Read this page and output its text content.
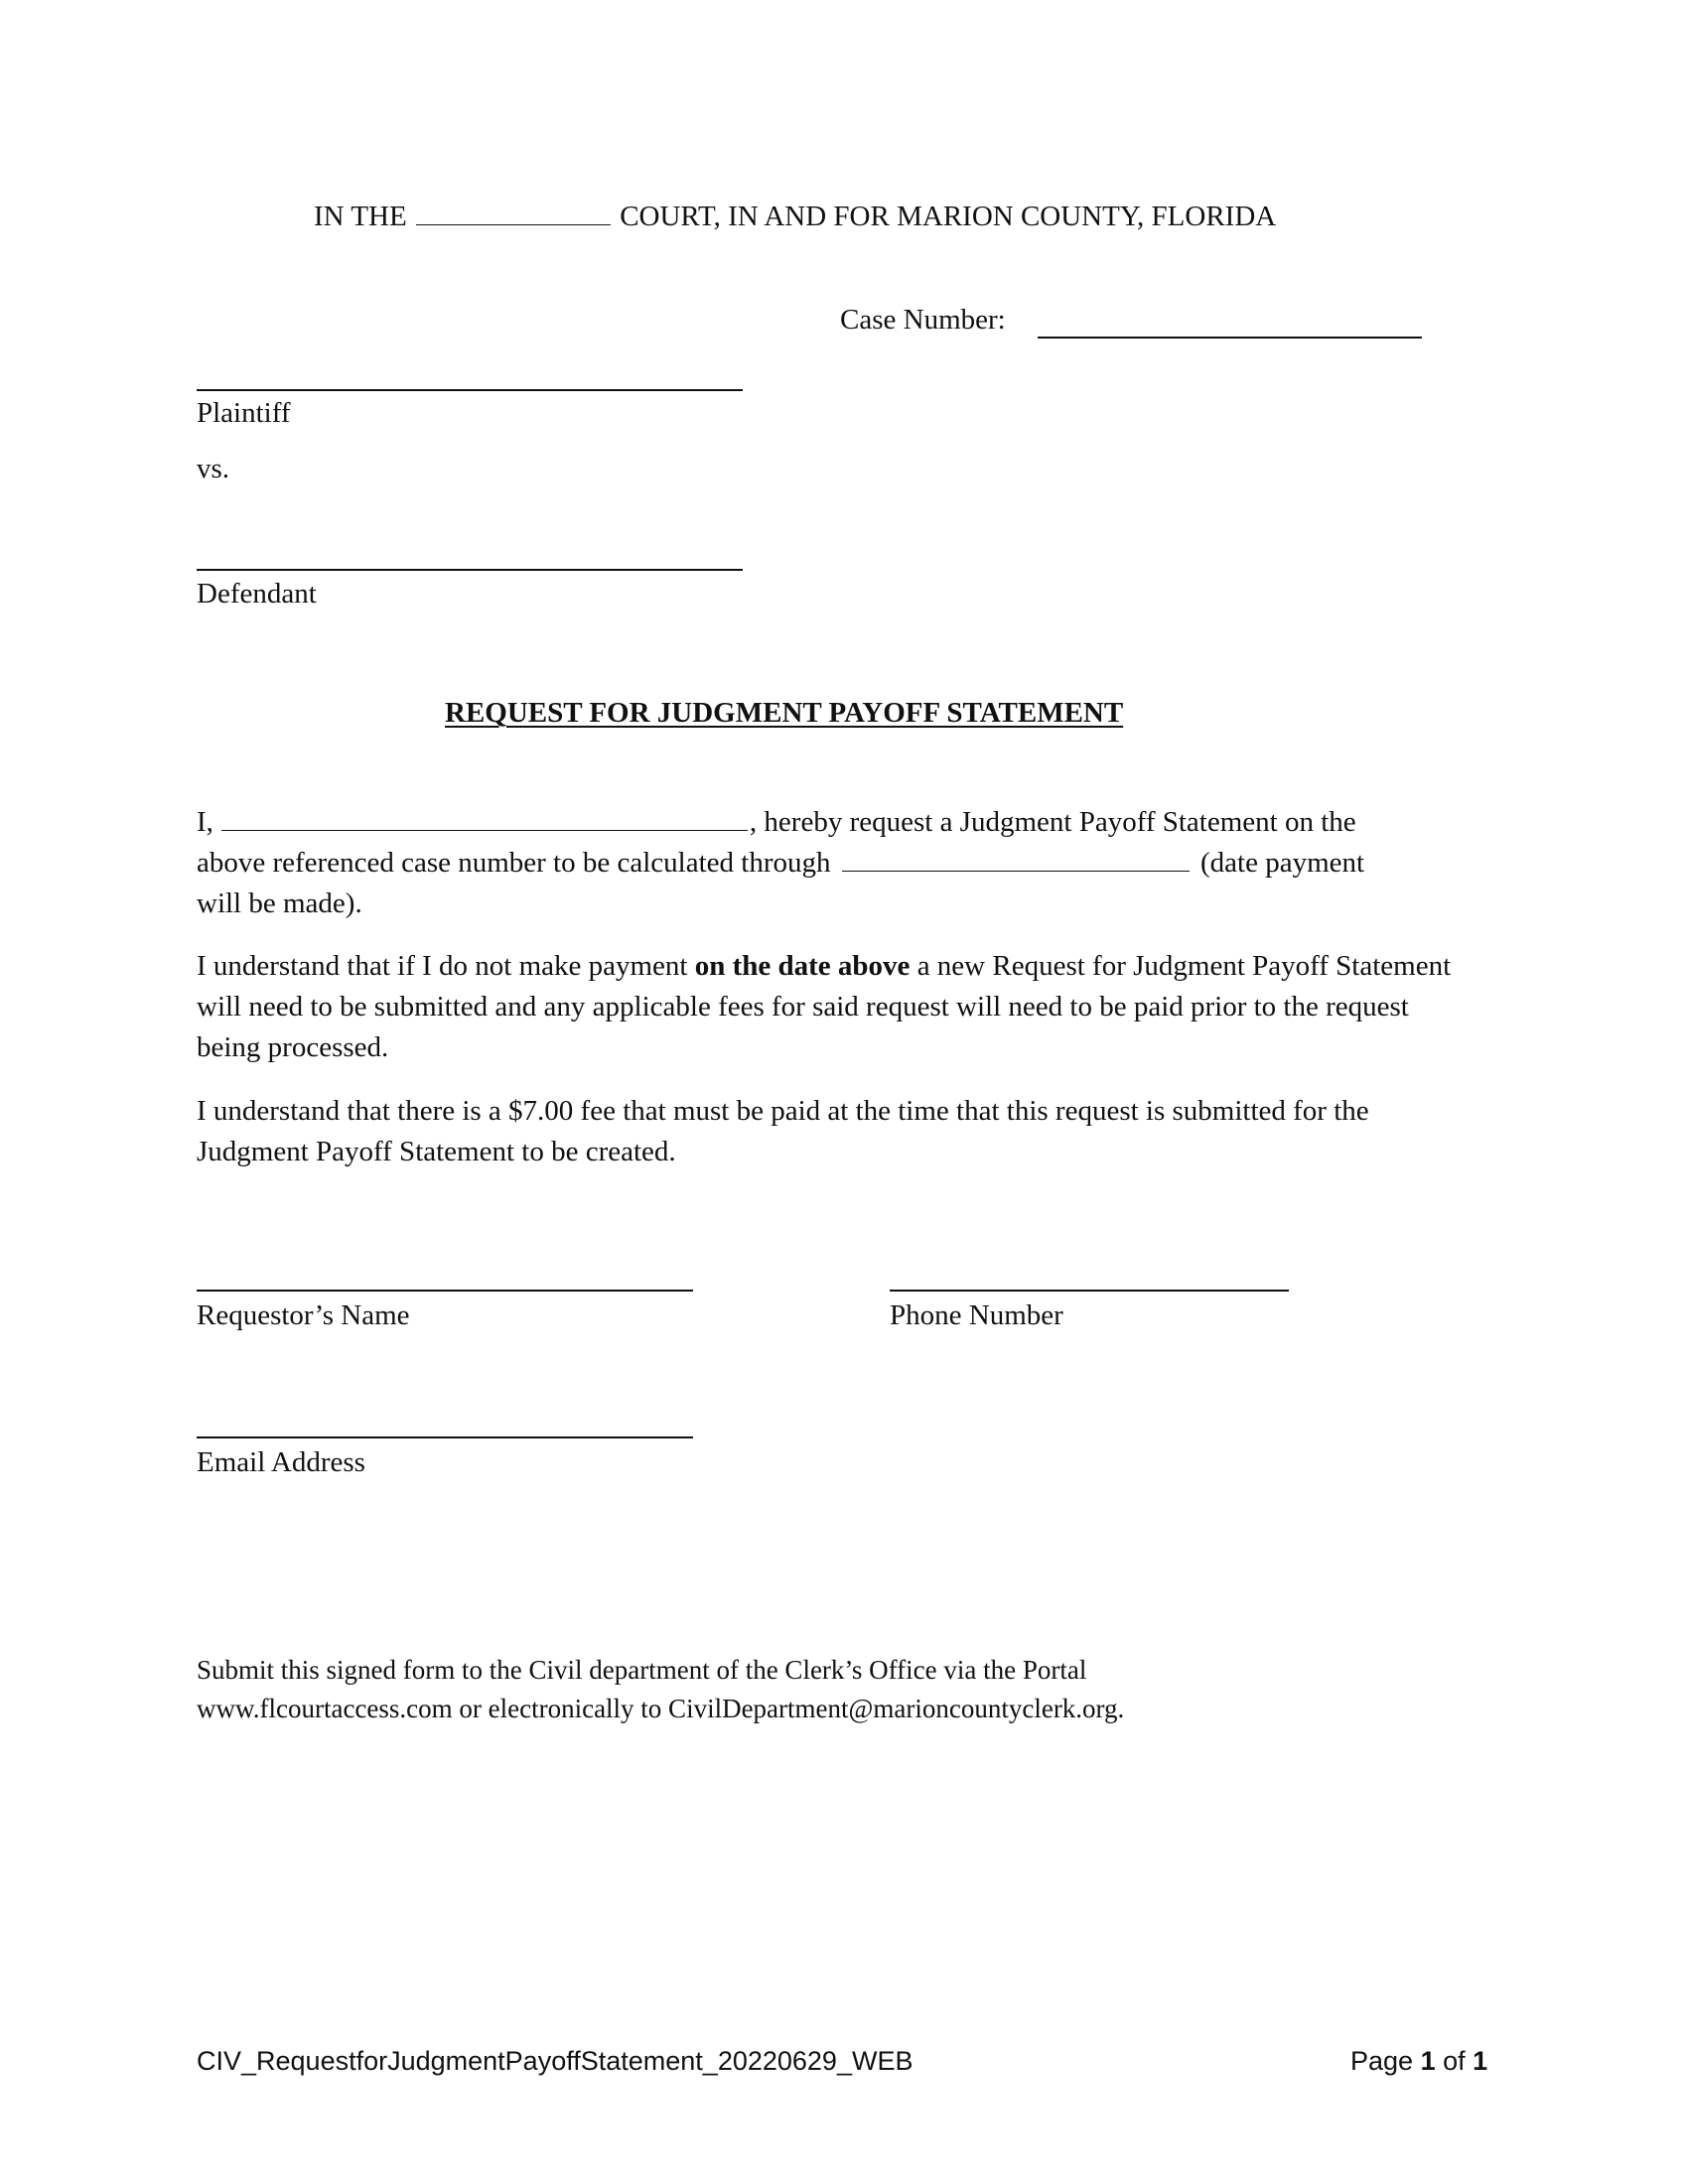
IN THE	COURT, IN AND FOR MARION COUNTY, FLORIDA
Case Number:
Plaintiff
vs.
Defendant
REQUEST FOR JUDGMENT PAYOFF STATEMENT
I,	, hereby request a Judgment Payoff Statement on the
above referenced case number to be calculated through	(date payment
will be made).
I understand that if I do not make payment on the date above a new Request for Judgment Payoff Statement will need to be submitted and any applicable fees for said request will need to be paid prior to the request being processed.
I understand that there is a $7.00 fee that must be paid at the time that this request is submitted for the Judgment Payoff Statement to be created.
Requestor’s Name	Phone Number
Email Address
Submit this signed form to the Civil department of the Clerk’s Office via the Portal
www.flcourtaccess.com or electronically to CivilDepartment@marioncountyclerk.org.
CIV_RequestforJudgmentPayoffStatement_20220629_WEB	Page 1 of 1
